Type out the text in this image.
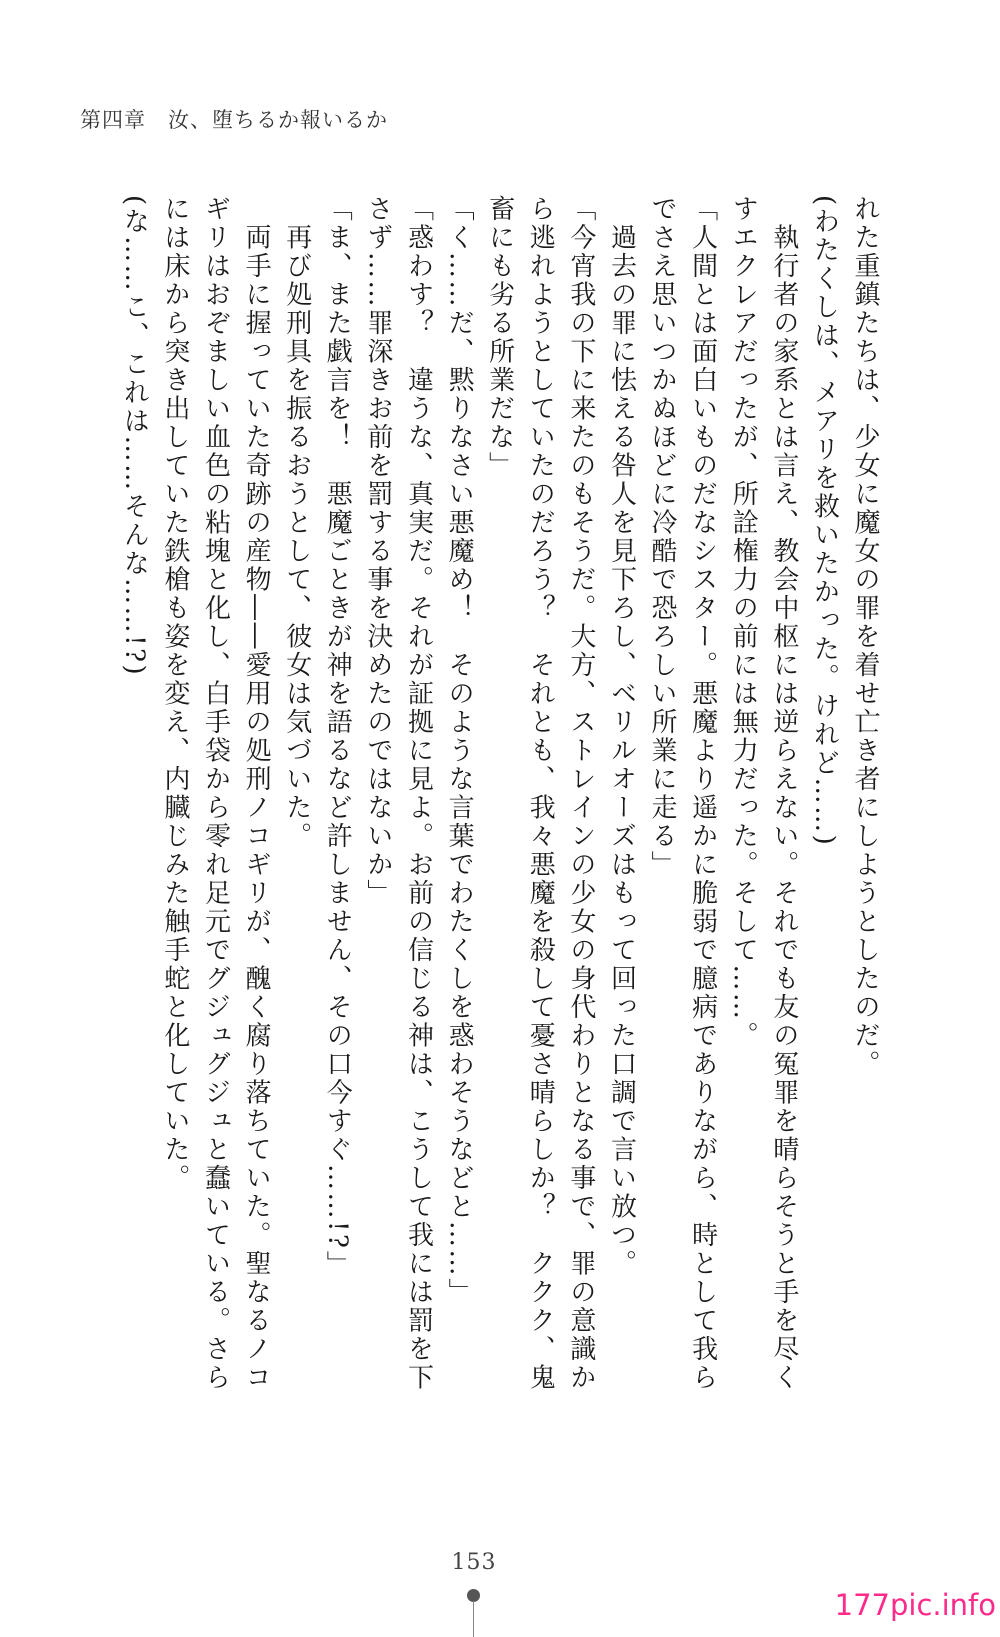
第四章　汝、堕ちるか報いるか

れた重鎮たちは、少女に魔女の罪を着せ亡き者にしようとしたのだ。

(わたくしは、メアリを救いたかった。けれど……)

　執行者の家系とは言え、教会中枢には逆らえない。それでも友の冤罪を晴らそうと手を尽くすエクレアだったが、所詮権力の前には無力だった。そして……。

「人間とは面白いものだなシスター。悪魔より遥かに脆弱で臆病でありながら、時として我らでさえ思いつかぬほどに冷酷で恐ろしい所業に走る」

　過去の罪に怯える咎人を見下ろし、ベリルオーズはもって回った口調で言い放つ。

「今宵我の下に来たのもそうだ。大方、ストレインの少女の身代わりとなる事で、罪の意識から逃れようとしていたのだろう？　それとも、我々悪魔を殺して憂さ晴らしか？　ククク、鬼畜にも劣る所業だな」

「く……だ、黙りなさい悪魔め！　そのような言葉でわたくしを惑わそうなどと……」

「惑わす？　違うな、真実だ。それが証拠に見よ。お前の信じる神は、こうして我には罰を下さず……罪深きお前を罰する事を決めたのではないか」

「ま、また戯言を！　悪魔ごときが神を語るなど許しません、その口今すぐ……!?」

　再び処刑具を振るおうとして、彼女は気づいた。

　両手に握っていた奇跡の産物――愛用の処刑ノコギリが、醜く腐り落ちていた。聖なるノコギリはおぞましい血色の粘塊と化し、白手袋から零れ足元でグジュグジュと蠢いている。さらには床から突き出していた鉄槍も姿を変え、内臓じみた触手蛇と化していた。

(な……こ、これは……そんな……!?)

153
177pic.info
